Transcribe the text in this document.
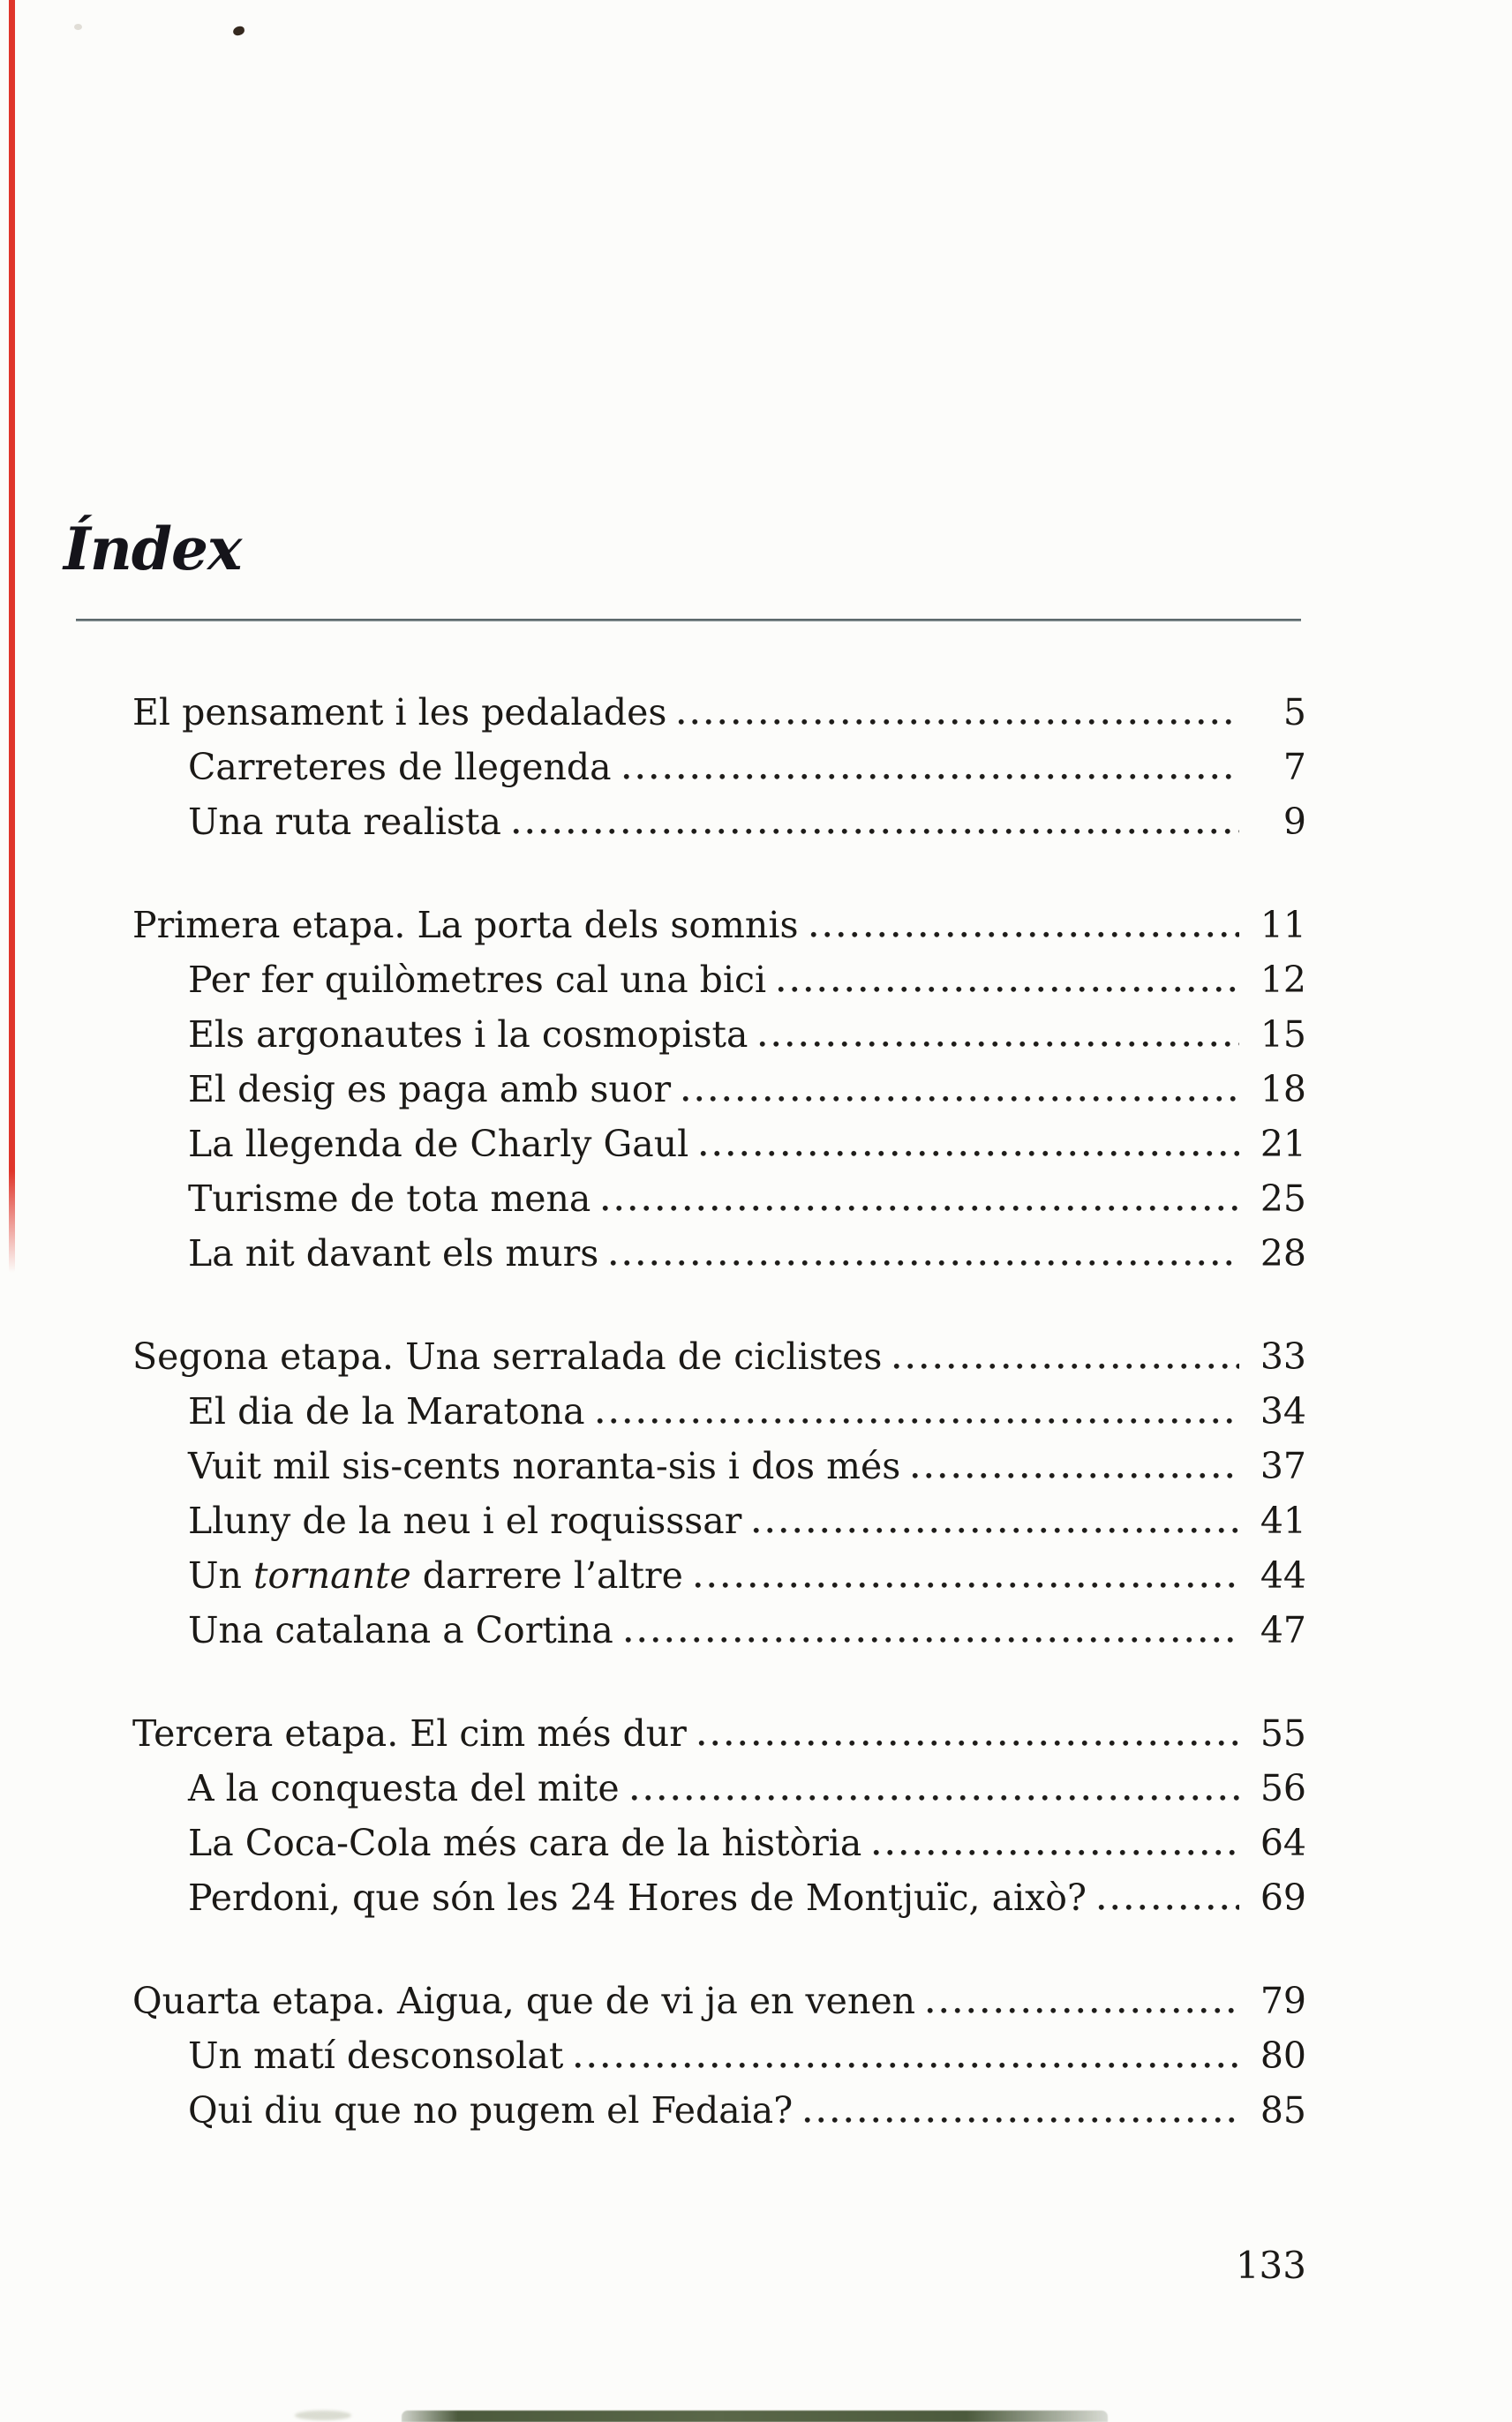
Índex
El pensament i les pedalades	5
Carreteres de llegenda	7
Una ruta realista	9
Primera etapa. La porta dels somnis	11
Per fer quilòmetres cal una bici	12
Els argonautes i la cosmopista	15
El desig es paga amb suor	18
La llegenda de Charly Gaul	21
Turisme de tota mena	25
La nit davant els murs	28
Segona etapa. Una serralada de ciclistes	33
El dia de la Maratona	34
Vuit mil sis-cents noranta-sis i dos més	37
Lluny de la neu i el roquisssar	41
Un tornante darrere l’altre	44
Una catalana a Cortina	47
Tercera etapa. El cim més dur	55
A la conquesta del mite	56
La Coca-Cola més cara de la història	64
Perdoni, que són les 24 Hores de Montjuïc, això?	69
Quarta etapa. Aigua, que de vi ja en venen	79
Un matí desconsolat	80
Qui diu que no pugem el Fedaia?	85
133
